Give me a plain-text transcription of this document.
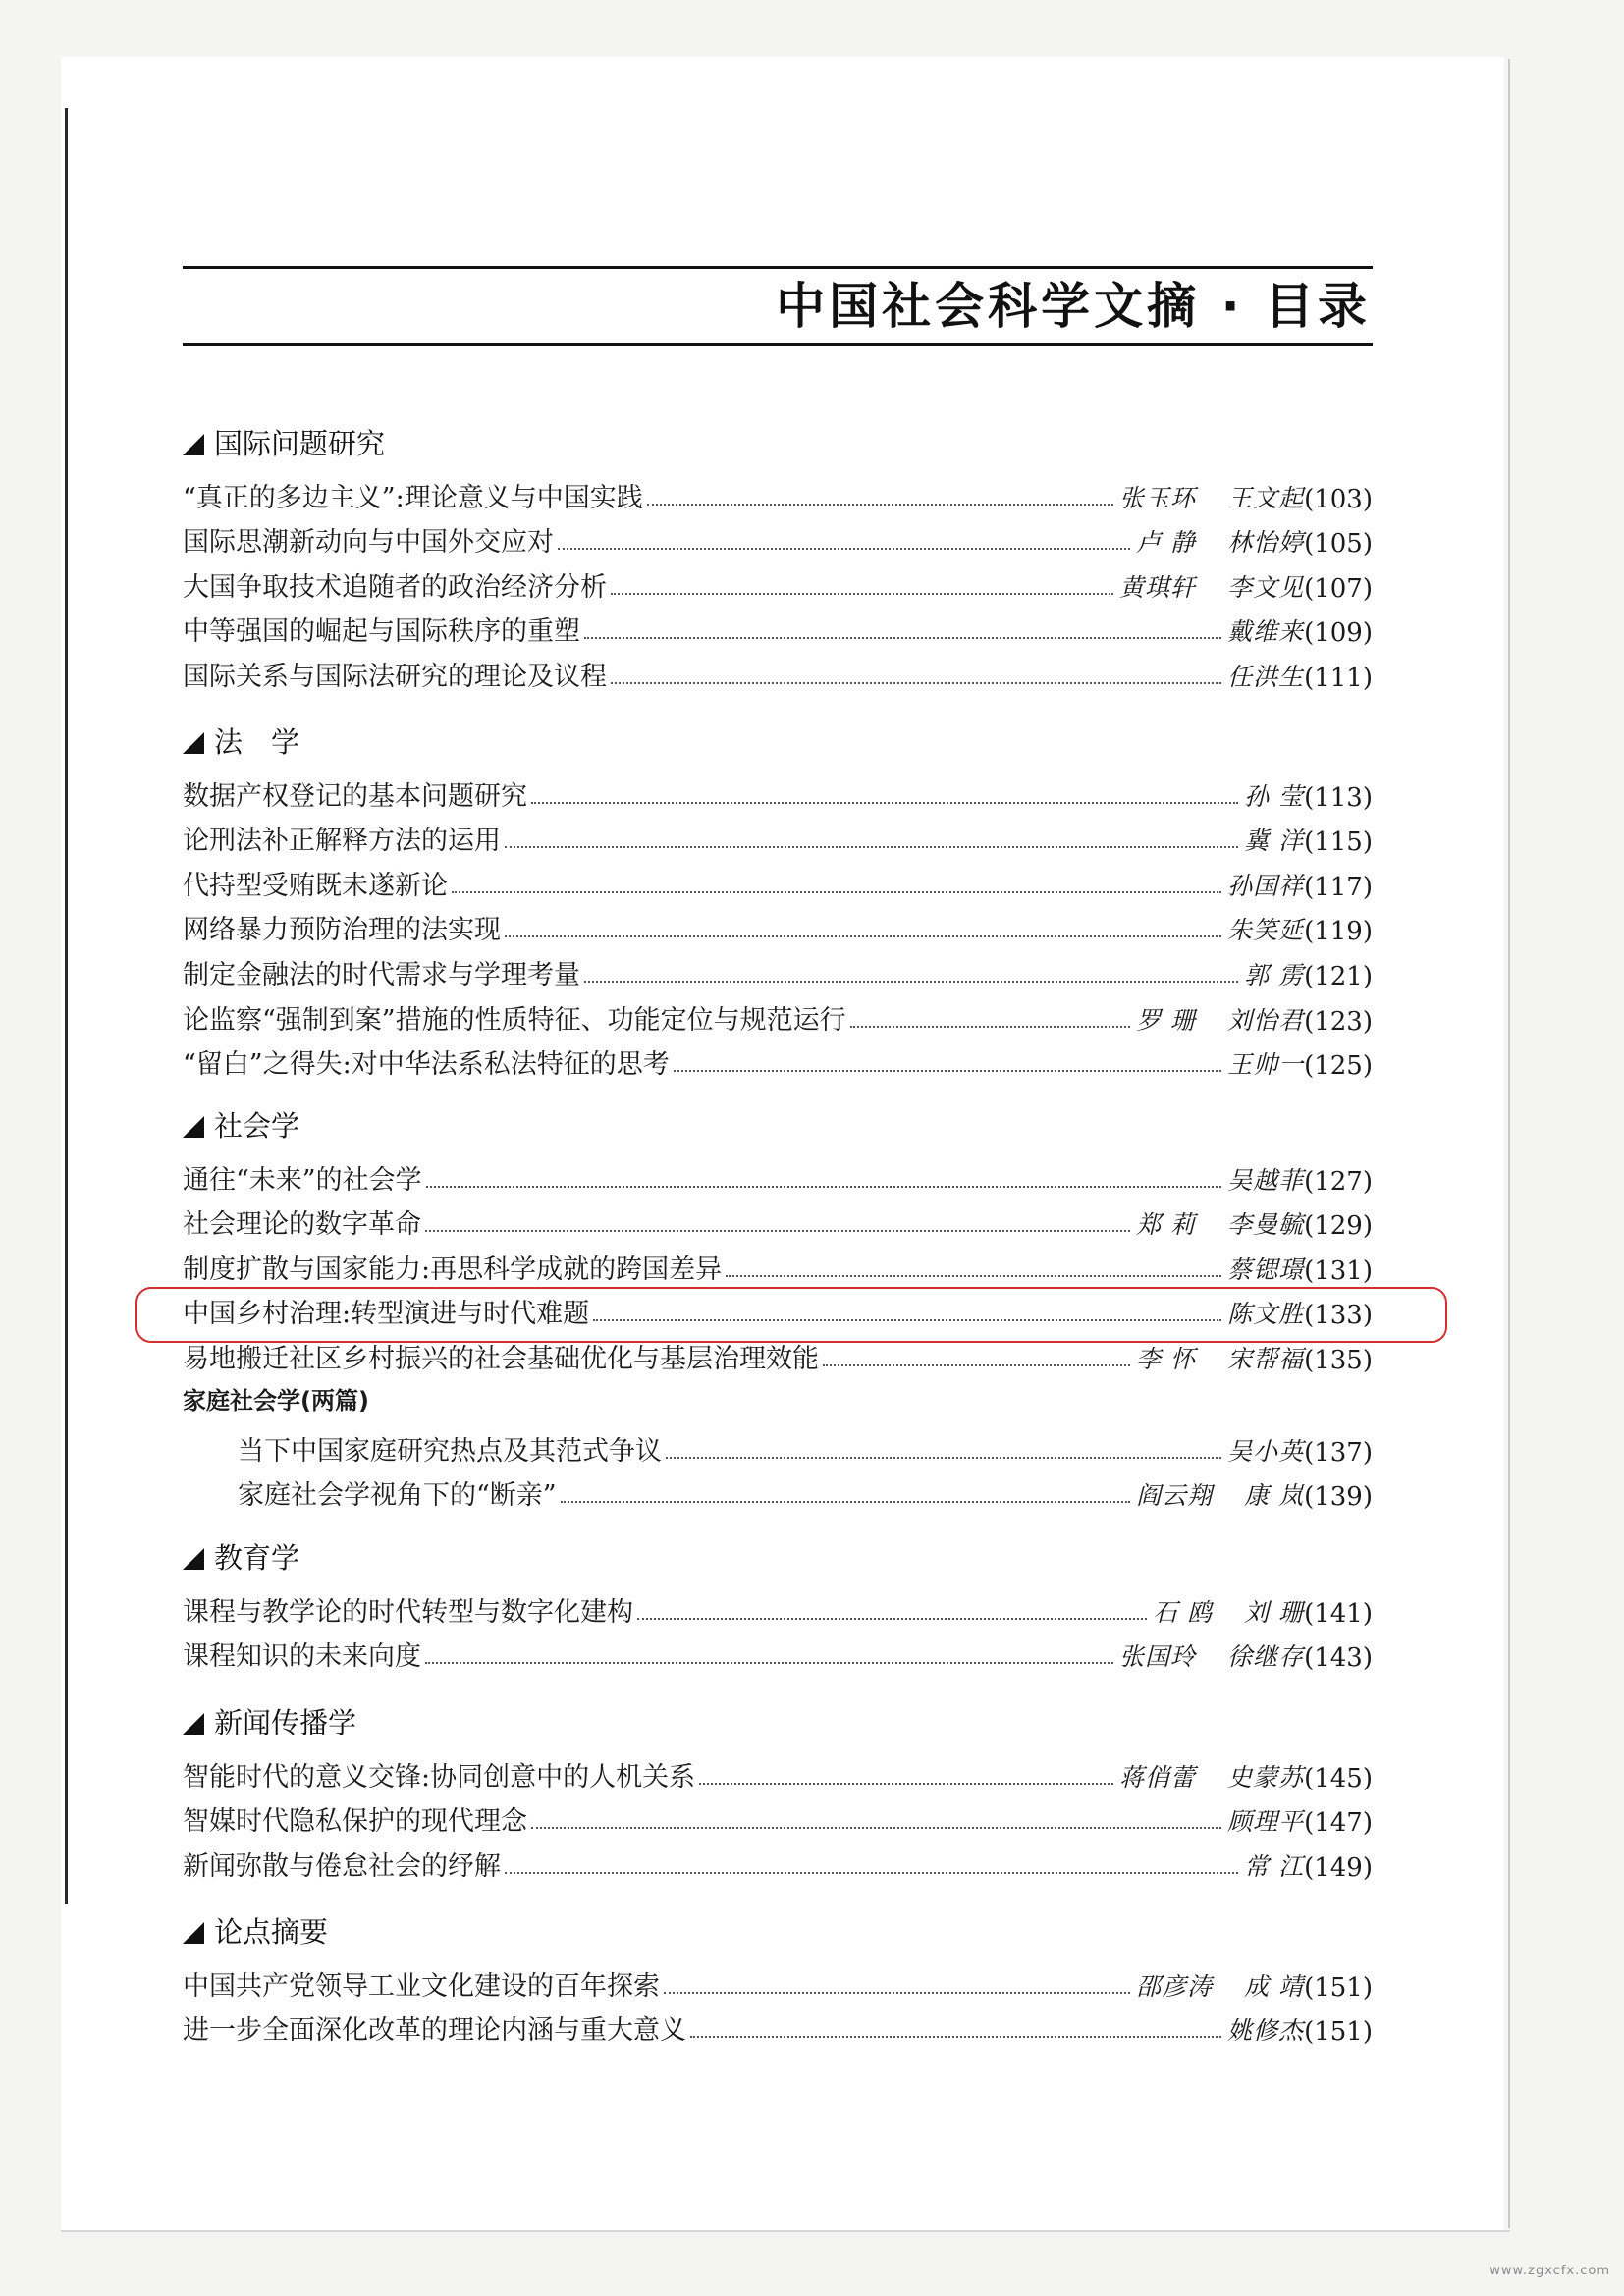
中国社会科学文摘 · 目录
国际问题研究
“真正的多边主义”:理论意义与中国实践	张玉环 王文起 (103)
国际思潮新动向与中国外交应对	卢 静 林怡婷 (105)
大国争取技术追随者的政治经济分析	黄琪轩 李文见 (107)
中等强国的崛起与国际秩序的重塑	戴维来 (109)
国际关系与国际法研究的理论及议程	任洪生 (111)
法　学
数据产权登记的基本问题研究	孙 莹 (113)
论刑法补正解释方法的运用	冀 洋 (115)
代持型受贿既未遂新论	孙国祥 (117)
网络暴力预防治理的法实现	朱笑延 (119)
制定金融法的时代需求与学理考量	郭 雳 (121)
论监察“强制到案”措施的性质特征、功能定位与规范运行	罗 珊 刘怡君 (123)
“留白”之得失:对中华法系私法特征的思考	王帅一 (125)
社会学
通往“未来”的社会学	吴越菲 (127)
社会理论的数字革命	郑 莉 李曼毓 (129)
制度扩散与国家能力:再思科学成就的跨国差异	蔡锶璟 (131)
中国乡村治理:转型演进与时代难题	陈文胜 (133)
易地搬迁社区乡村振兴的社会基础优化与基层治理效能	李 怀 宋帮福 (135)
家庭社会学(两篇)
当下中国家庭研究热点及其范式争议	吴小英 (137)
家庭社会学视角下的“断亲”	阎云翔 康 岚 (139)
教育学
课程与教学论的时代转型与数字化建构	石 鸥 刘 珊 (141)
课程知识的未来向度	张国玲 徐继存 (143)
新闻传播学
智能时代的意义交锋:协同创意中的人机关系	蒋俏蕾 史蒙苏 (145)
智媒时代隐私保护的现代理念	顾理平 (147)
新闻弥散与倦怠社会的纾解	常 江 (149)
论点摘要
中国共产党领导工业文化建设的百年探索	邵彦涛 成 靖 (151)
进一步全面深化改革的理论内涵与重大意义	姚修杰 (151)
www.zgxcfx.com
